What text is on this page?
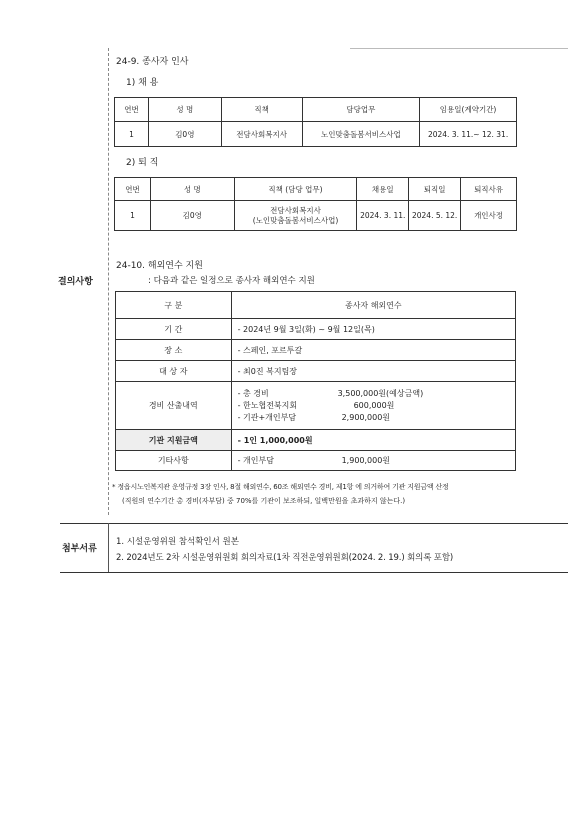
결의사항
첨부서류
24-9. 종사자 인사
1) 채 용
연번	성 명	직책	담당업무	임용일(계약기간)
1	김0영	전담사회복지사	노인맞춤돌봄서비스사업	2024. 3. 11.~ 12. 31.
2) 퇴 직
연번	성 명	직책 (담당 업무)	채용일	퇴직일	퇴직사유
1	김0영	전담사회복지사
(노인맞춤돌봄서비스사업)	2024. 3. 11.	2024. 5. 12.	개인사정
24-10. 해외연수 지원
: 다음과 같은 일정으로 종사자 해외연수 지원
구 분	종사자 해외연수
기 간	- 2024년 9월 3일(화) ~ 9월 12일(목)
장 소	- 스페인, 포르투갈
대 상 자	- 최0진 복지팀장
경비 산출내역	- 총 경비 3,500,000원(예상금액)
- 한노협전북지회 600,000원
- 기관+개인부담 2,900,000원

기관 지원금액	- 1인 1,000,000원
기타사항	- 개인부담 1,900,000원
* 정읍시노인복지관 운영규정 3장 인사, 8절 해외연수, 60조 해외연수 경비, 제1항 에 의거하여 기관 지원금액 산정
(직원의 연수기간 총 경비(자부담) 중 70%를 기관이 보조하되, 일백만원을 초과하지 않는다.)
1. 시설운영위원 참석확인서 원본
2. 2024년도 2차 시설운영위원회 회의자료(1차 직전운영위원회(2024. 2. 19.) 회의록 포함)
